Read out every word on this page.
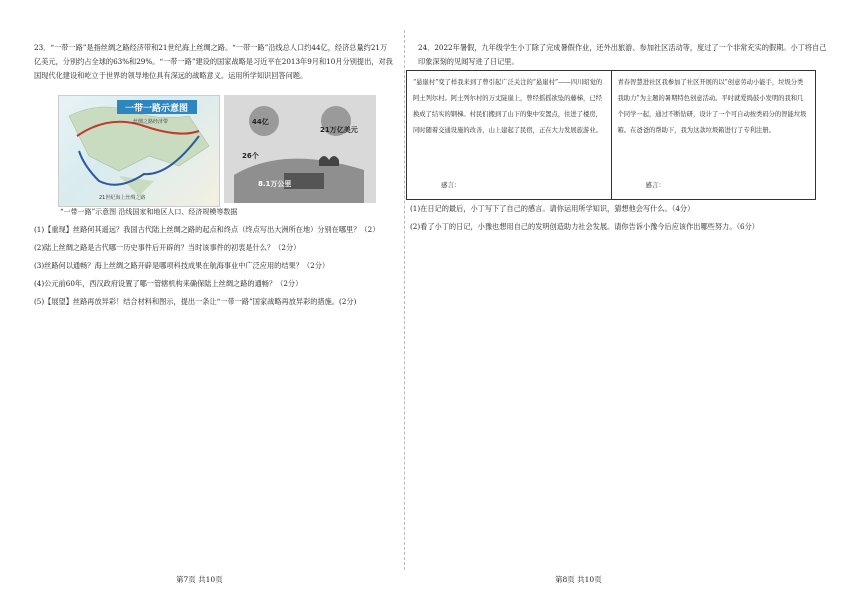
23．“一带一路”是指丝绸之路经济带和21世纪海上丝绸之路。“一带一路”沿线总人口约44亿，经济总量约21万亿美元，分别约占全球的63%和29%。“一带一路”建设的国家战略是习近平在2013年9月和10月分别提出，对我国现代化建设和屹立于世界的领导地位具有深远的战略意义。运用所学知识回答问题。

一带一路示意图
丝绸之路经济带
21世纪海上丝绸之路
44亿
21万亿美元
26个
8.1万公里
“一带一路”示意图 沿线国家和地区人口、经济规模等数据
(1)【重现】丝路何其遥远？我国古代陆上丝绸之路的起点和终点（终点写出大洲所在地）分别在哪里？（2）
(2)陆上丝绸之路是古代哪一历史事件后开辟的？当时该事件的初衷是什么？（2分）
(3)丝路何以通畅？海上丝绸之路开辟是哪项科技成果在航海事业中广泛应用的结果？（2分）
(4)公元前60年，西汉政府设置了哪一管辖机构来确保陆上丝绸之路的通畅？（2分）
(5)【展望】丝路再放异彩！结合材料和图示，提出一条让“一带一路”国家战略再放异彩的措施。(2分)
第7页 共10页

24．2022年暑假，九年级学生小丁除了完成暑假作业，还外出旅游、参加社区活动等，度过了一个非常充实的假期。小丁将自己印象深刻的见闻写进了日记里。

第8页 共10页
“悬崖村”变了样我来到了曾引起广泛关注的“悬崖村”——四川昭觉的阿土列尔村。阿土列尔村的万丈陡崖上，曾经摇摇欲坠的藤梯，已经换成了结实的钢梯。村民们搬到了山下的集中安置点，住进了楼房，同时随着交通设施的改善，山上建起了民宿，正在大力发展旅游业。
感言：
青春智慧进社区我参加了社区开展的以“创意劳动小能手，垃圾分类我助力”为主题的暑期特色创意活动。平时就爱捣鼓小发明的我和几个同学一起，通过不断钻研，设计了一个可自动按类码分的智能垃圾箱。在爸爸的帮助下，我为这款垃圾箱进行了专利注册。
感言：
(1)在日记的最后，小丁写下了自己的感言。请你运用所学知识，猜想他会写什么。（4分）
(2)看了小丁的日记，小豫也想用自己的发明创造助力社会发展。请你告诉小豫今后应该作出哪些努力。（6分）
